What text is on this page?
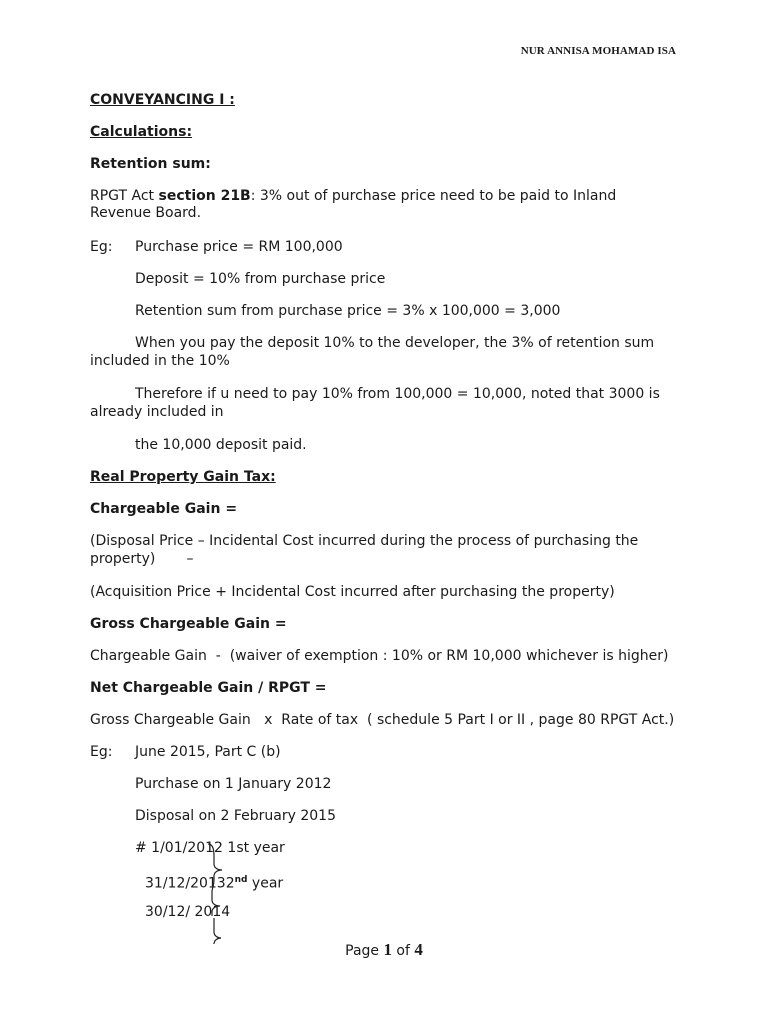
NUR ANNISA MOHAMAD ISA
CONVEYANCING I :
Calculations:
Retention sum:
RPGT Act section 21B: 3% out of purchase price need to be paid to Inland Revenue Board.
Eg: Purchase price = RM 100,000
Deposit = 10% from purchase price
Retention sum from purchase price = 3% x 100,000 = 3,000
When you pay the deposit 10% to the developer, the 3% of retention sum
included in the 10%
Therefore if u need to pay 10% from 100,000 = 10,000, noted that 3000 is
already included in
the 10,000 deposit paid.
Real Property Gain Tax:
Chargeable Gain =
(Disposal Price – Incidental Cost incurred during the process of purchasing the
property)       –
(Acquisition Price + Incidental Cost incurred after purchasing the property)
Gross Chargeable Gain =
Chargeable Gain  -  (waiver of exemption : 10% or RM 10,000 whichever is higher)
Net Chargeable Gain / RPGT =
Gross Chargeable Gain   x  Rate of tax  ( schedule 5 Part I or II , page 80 RPGT Act.)
Eg: June 2015, Part C (b)
Purchase on 1 January 2012
Disposal on 2 February 2015
# 1/01/2012 1st year
31/12/20132nd year
30/12/ 2014
Page 1 of 4
